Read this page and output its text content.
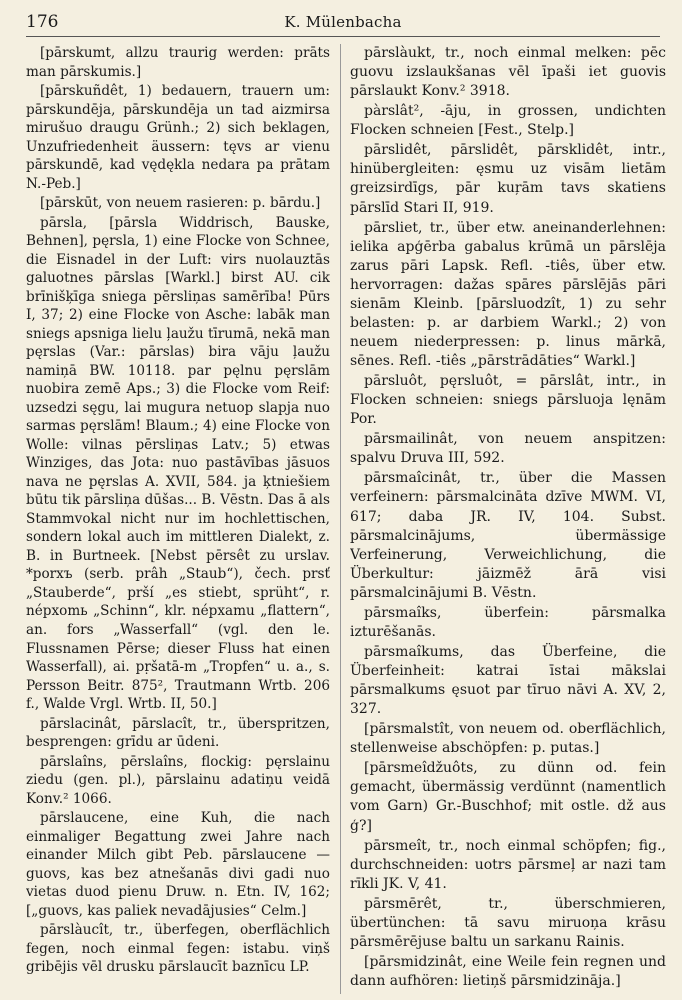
176	K. Mülenbacha

[pārskumt, allzu traurig werden: prāts man pārskumis.]

[pārskuñdêt, 1) bedauern, trauern um: pārskundēja, pārskundēja un tad aizmirsa mirušuo draugu Grünh.; 2) sich beklagen, Unzufriedenheit äussern: tęvs ar vienu pārskundē, kad vędękla nedara pa prātam N.-Peb.]

[pārskūt, von neuem rasieren: p. bārdu.]

pārsla, [pārsla Widdrisch, Bauske, Behnen], pęrsla, 1) eine Flocke von Schnee, die Eisnadel in der Luft: virs nuolauztās galuotnes pārslas [Warkl.] birst AU. cik brīnišķīga sniega pērsliņas samērība! Pūrs I, 37; 2) eine Flocke von Asche: labāk man sniegs apsniga lielu ļaužu tīrumā, nekā man pęrslas (Var.: pārslas) bira vāju ļaužu namiņā BW. 10118. par pęlnu pęrslām nuobira zemē Aps.; 3) die Flocke vom Reif: uzsedzi sęgu, lai mugura netuop slapja nuo sarmas pęrslām! Blaum.; 4) eine Flocke von Wolle: vilnas pērsliņas Latv.; 5) etwas Winziges, das Jota: nuo pastāvības jāsuos nava ne pęrslas A. XVII, 584. ja ķtniešiem būtu tik pārsliņa dūšas... B. Vēstn. Das ā als Stammvokal nicht nur im hochlettischen, sondern lokal auch im mittleren Dialekt, z. B. in Burtneek. [Nebst pērsêt zu urslav. *porxъ (serb. prâh „Staub“), čech. prsť „Stauberde“, prší „es stiebt, sprüht“, r. népxomь „Schinn“, klr. népxamu „flattern“, an. fors „Wasserfall“ (vgl. den le. Flussnamen Pērse; dieser Fluss hat einen Wasserfall), ai. pṛšatā-m „Tropfen“ u. a., s. Persson Beitr. 875², Trautmann Wrtb. 206 f., Walde Vrgl. Wrtb. II, 50.]

pārslacinât, pārslacît, tr., überspritzen, besprengen: grīdu ar ūdeni.

pārslaîns, pērslaîns, flockig: pęrslainu ziedu (gen. pl.), pārslainu adatiņu veidā Konv.² 1066.

pārslaucene, eine Kuh, die nach einmaliger Begattung zwei Jahre nach einander Milch gibt Peb. pārslaucene — guovs, kas bez atnešanās divi gadi nuo vietas duod pienu Druw. n. Etn. IV, 162; [„guovs, kas paliek nevadājusies“ Celm.]

pārslàucît, tr., überfegen, oberflächlich fegen, noch einmal fegen: istabu. viņš gribējis vēl drusku pārslaucīt baznīcu LP.

pārslàukt, tr., noch einmal melken: pēc guovu izslaukšanas vēl īpaši iet guovis pārslaukt Konv.² 3918.

pàrslât², -āju, in grossen, undichten Flocken schneien [Fest., Stelp.]

pārslidêt, pārslidêt, pārsklidêt, intr., hinübergleiten: ęsmu uz visām lietām greizsirdīgs, pār kuŗām tavs skatiens pārslīd Stari II, 919.

pārsliet, tr., über etw. aneinanderlehnen: ielika apģērba gabalus krūmā un pārslēja zarus pāri Lapsk. Refl. -tiês, über etw. hervorragen: dažas spāres pārslējās pāri sienām Kleinb. [pārsluodzît, 1) zu sehr belasten: p. ar darbiem Warkl.; 2) von neuem niederpressen: p. linus mārkā, sēnes. Refl. -tiês „pārstrādāties“ Warkl.]

pārsluôt, pęrsluôt, = pārslât, intr., in Flocken schneien: sniegs pārsluoja lęnām Por.

pārsmailinât, von neuem anspitzen: spalvu Druva III, 592.

pārsmaîcinât, tr., über die Massen verfeinern: pārsmalcināta dzīve MWM. VI, 617; daba JR. IV, 104. Subst. pārsmalcinājums, übermässige Verfeinerung, Verweichlichung, die Überkultur: jāizmēž ārā visi pārsmalcinājumi B. Vēstn.

pārsmaîks, überfein: pārsmalka izturēšanās.

pārsmaîkums, das Überfeine, die Überfeinheit: katrai īstai mākslai pārsmalkums ęsuot par tīruo nāvi A. XV, 2, 327.

[pārsmalstît, von neuem od. oberflächlich, stellenweise abschöpfen: p. putas.]

[pārsmeîdžuôts, zu dünn od. fein gemacht, übermässig verdünnt (namentlich vom Garn) Gr.-Buschhof; mit ostle. dž aus ģ?]

pārsmeît, tr., noch einmal schöpfen; fig., durchschneiden: uotrs pārsmeļ ar nazi tam rīkli JK. V, 41.

pārsmērêt, tr., überschmieren, übertünchen: tā savu miruoņa krāsu pārsmērējuse baltu un sarkanu Rainis.

[pārsmidzinât, eine Weile fein regnen und dann aufhören: lietiņš pārsmidzināja.]
